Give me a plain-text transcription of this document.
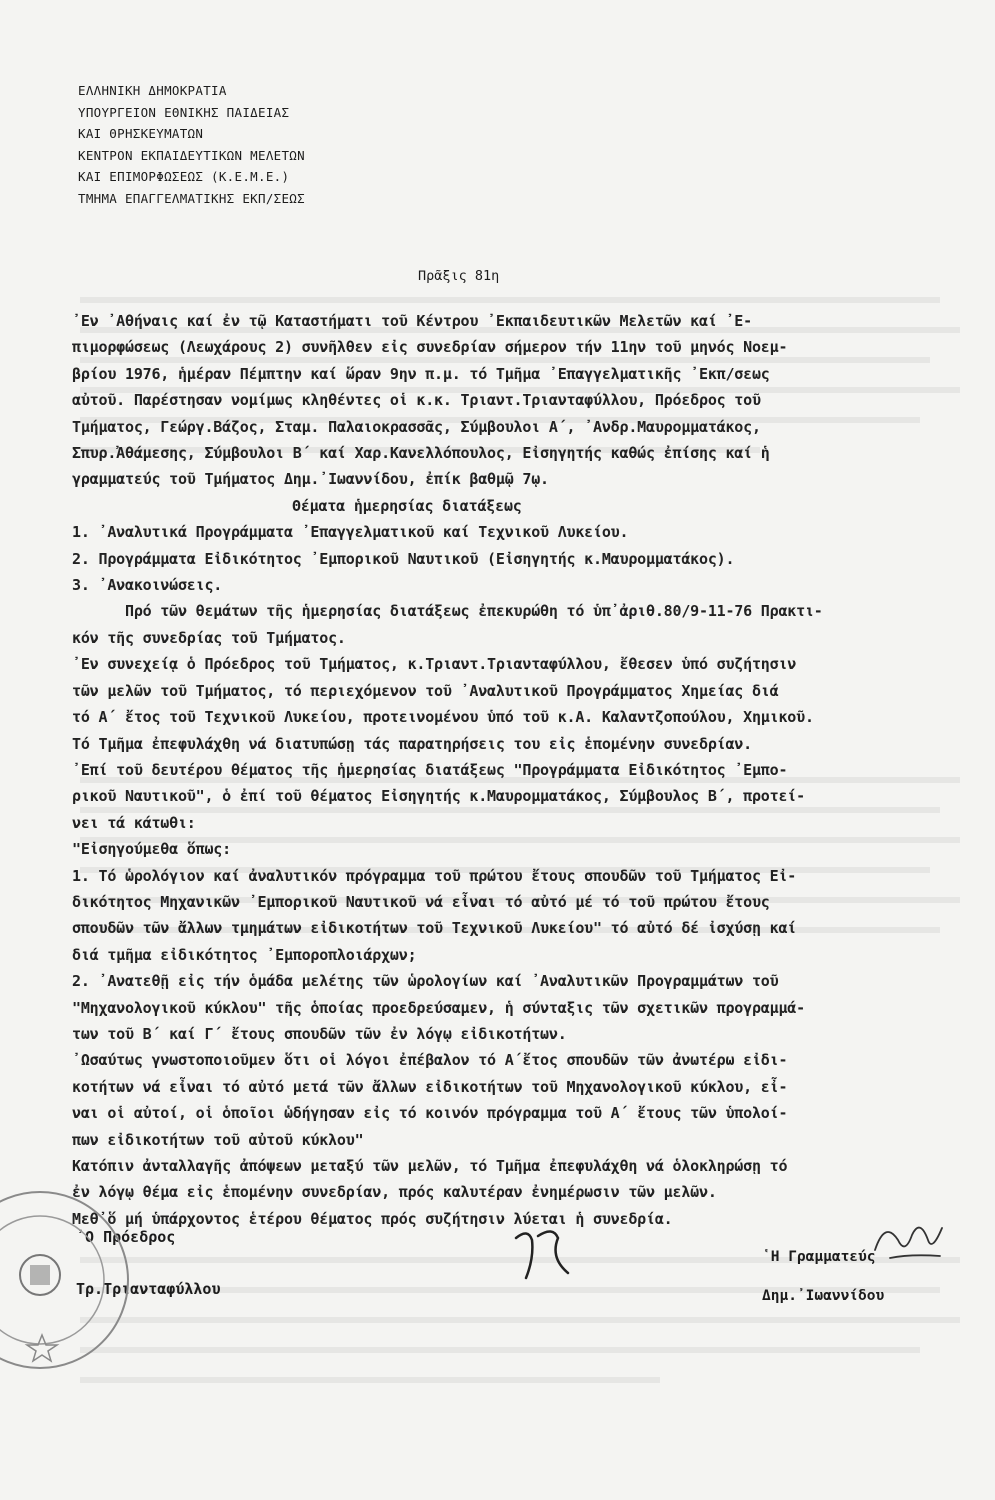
ΕΛΛΗΝΙΚΗ ΔΗΜΟΚΡΑΤΙΑ
ΥΠΟΥΡΓΕΙΟΝ ΕΘΝΙΚΗΣ ΠΑΙΔΕΙΑΣ
ΚΑΙ ΘΡΗΣΚΕΥΜΑΤΩΝ
ΚΕΝΤΡΟΝ ΕΚΠΑΙΔΕΥΤΙΚΩΝ ΜΕΛΕΤΩΝ
ΚΑΙ ΕΠΙΜΟΡΦΩΣΕΩΣ (Κ.Ε.Μ.Ε.)
ΤΜΗΜΑ ΕΠΑΓΓΕΛΜΑΤΙΚΗΣ ΕΚΠ/ΣΕΩΣ
Πρᾶξις 81η
᾽Εν ᾽Αθήναις καί ἐν τῷ Καταστήματι τοῦ Κέντρου ᾽Εκπαιδευτικῶν Μελετῶν καί ᾽Ε-
πιμορφώσεως (Λεωχάρους 2) συνῆλθεν εἰς συνεδρίαν σήμερον τήν 11ην τοῦ μηνός Νοεμ-
βρίου 1976, ἡμέραν Πέμπτην καί ὥραν 9ην π.μ. τό Τμῆμα ᾽Επαγγελματικῆς ᾽Εκπ/σεως
αὐτοῦ. Παρέστησαν νομίμως κληθέντες οἱ κ.κ. Τριαντ.Τριανταφύλλου, Πρόεδρος τοῦ
Τμήματος, Γεώργ.Βάζος, Σταμ. Παλαιοκρασσᾶς, Σύμβουλοι Α΄, ᾽Ανδρ.Μαυρομματάκος,
Σπυρ.Ἀθάμεσης, Σύμβουλοι Β΄ καί Χαρ.Κανελλόπουλος, Εἰσηγητής καθώς ἐπίσης καί ἡ
γραμματεύς τοῦ Τμήματος Δημ.᾽Ιωαννίδου, ἐπίκ βαθμῷ 7ῳ.
Θέματα ἡμερησίας διατάξεως
1. ᾽Αναλυτικά Προγράμματα ᾽Επαγγελματικοῦ καί Τεχνικοῦ Λυκείου.
2. Προγράμματα Εἰδικότητος ᾽Εμπορικοῦ Ναυτικοῦ (Εἰσηγητής κ.Μαυρομματάκος).
3. ᾽Ανακοινώσεις.
Πρό τῶν θεμάτων τῆς ἡμερησίας διατάξεως ἐπεκυρώθη τό ὑπ᾽ἀριθ.80/9-11-76 Πρακτι-
κόν τῆς συνεδρίας τοῦ Τμήματος.
᾽Εν συνεχείᾳ ὁ Πρόεδρος τοῦ Τμήματος, κ.Τριαντ.Τριανταφύλλου, ἔθεσεν ὑπό συζήτησιν
τῶν μελῶν τοῦ Τμήματος, τό περιεχόμενον τοῦ ᾽Αναλυτικοῦ Προγράμματος Χημείας διά
τό Α΄ ἔτος τοῦ Τεχνικοῦ Λυκείου, προτεινομένου ὑπό τοῦ κ.Α. Καλαντζοπούλου, Χημικοῦ.
Τό Τμῆμα ἐπεφυλάχθη νά διατυπώσῃ τάς παρατηρήσεις του εἰς ἑπομένην συνεδρίαν.
᾽Επί τοῦ δευτέρου θέματος τῆς ἡμερησίας διατάξεως "Προγράμματα Εἰδικότητος ᾽Εμπο-
ρικοῦ Ναυτικοῦ", ὁ ἐπί τοῦ θέματος Εἰσηγητής κ.Μαυρομματάκος, Σύμβουλος Β΄, προτεί-
νει τά κάτωθι:
"Εἰσηγούμεθα ὅπως:
1. Τό ὡρολόγιον καί ἀναλυτικόν πρόγραμμα τοῦ πρώτου ἔτους σπουδῶν τοῦ Τμήματος Εἰ-
δικότητος Μηχανικῶν ᾽Εμπορικοῦ Ναυτικοῦ νά εἶναι τό αὐτό μέ τό τοῦ πρώτου ἔτους
σπουδῶν τῶν ἄλλων τμημάτων εἰδικοτήτων τοῦ Τεχνικοῦ Λυκείου" τό αὐτό δέ ἰσχύσῃ καί
διά τμῆμα εἰδικότητος ᾽Εμποροπλοιάρχων;
2. ᾽Ανατεθῇ εἰς τήν ὁμάδα μελέτης τῶν ὡρολογίων καί ᾽Αναλυτικῶν Προγραμμάτων τοῦ
"Μηχανολογικοῦ κύκλου" τῆς ὁποίας προεδρεύσαμεν, ἡ σύνταξις τῶν σχετικῶν προγραμμά-
των τοῦ Β΄ καί Γ΄ ἔτους σπουδῶν τῶν ἐν λόγῳ εἰδικοτήτων.
᾽Ωσαύτως γνωστοποιοῦμεν ὅτι οἱ λόγοι ἐπέβαλον τό Α΄ἔτος σπουδῶν τῶν ἀνωτέρω εἰδι-
κοτήτων νά εἶναι τό αὐτό μετά τῶν ἄλλων εἰδικοτήτων τοῦ Μηχανολογικοῦ κύκλου, εἶ-
ναι οἱ αὐτοί, οἱ ὁποῖοι ὡδήγησαν εἰς τό κοινόν πρόγραμμα τοῦ Α΄ ἔτους τῶν ὑπολοί-
πων εἰδικοτήτων τοῦ αὐτοῦ κύκλου"
Κατόπιν ἀνταλλαγῆς ἀπόψεων μεταξύ τῶν μελῶν, τό Τμῆμα ἐπεφυλάχθη νά ὁλοκληρώσῃ τό
ἐν λόγῳ θέμα εἰς ἑπομένην συνεδρίαν, πρός καλυτέραν ἐνημέρωσιν τῶν μελῶν.
Μεθ᾽ὅ μή ὑπάρχοντος ἑτέρου θέματος πρός συζήτησιν λύεται ἡ συνεδρία.
᾽Ο Πρόεδρος
Τρ.Τριανταφύλλου
῾Η Γραμματεύς
Δημ.᾽Ιωαννίδου
